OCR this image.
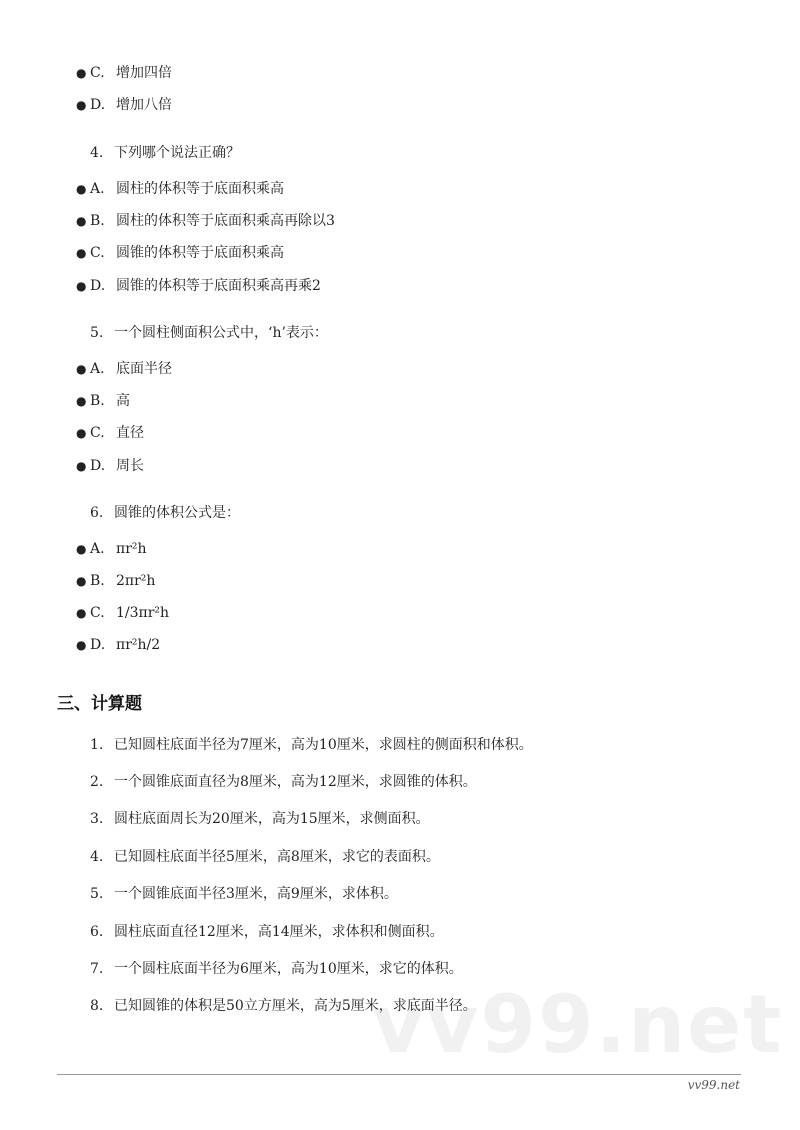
● C. 增加四倍
● D. 增加八倍
4. 下列哪个说法正确？
● A. 圆柱的体积等于底面积乘高
● B. 圆柱的体积等于底面积乘高再除以3
● C. 圆锥的体积等于底面积乘高
● D. 圆锥的体积等于底面积乘高再乘2
5. 一个圆柱侧面积公式中，‘h’表示：
● A. 底面半径
● B. 高
● C. 直径
● D. 周长
6. 圆锥的体积公式是：
● A. πr²h
● B. 2πr²h
● C. 1/3πr²h
● D. πr²h/2
三、计算题
1. 已知圆柱底面半径为7厘米，高为10厘米，求圆柱的侧面积和体积。
2. 一个圆锥底面直径为8厘米，高为12厘米，求圆锥的体积。
3. 圆柱底面周长为20厘米，高为15厘米，求侧面积。
4. 已知圆柱底面半径5厘米，高8厘米，求它的表面积。
5. 一个圆锥底面半径3厘米，高9厘米，求体积。
6. 圆柱底面直径12厘米，高14厘米，求体积和侧面积。
7. 一个圆柱底面半径为6厘米，高为10厘米，求它的体积。
8. 已知圆锥的体积是50立方厘米，高为5厘米，求底面半径。
vv99.net
vv99.net
